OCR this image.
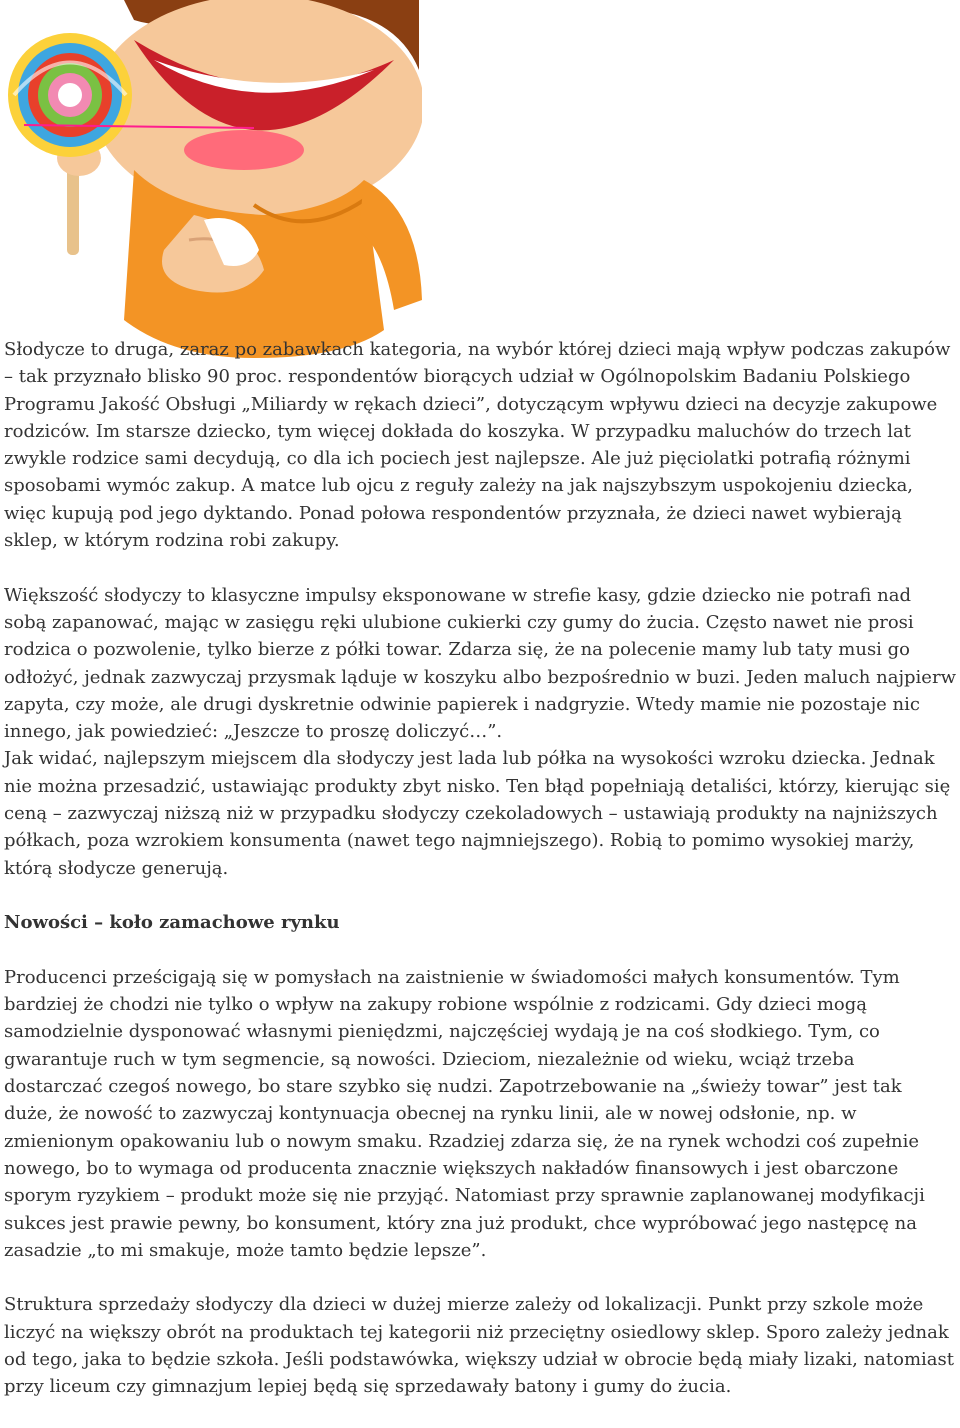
Słodycze to druga, zaraz po zabawkach kategoria, na wybór której dzieci mają wpływ podczas zakupów – tak przyznało blisko 90 proc. respondentów biorących udział w Ogólnopolskim Badaniu Polskiego Programu Jakość Obsługi „Miliardy w rękach dzieci”, dotyczącym wpływu dzieci na decyzje zakupowe rodziców. Im starsze dziecko, tym więcej dokłada do koszyka. W przypadku maluchów do trzech lat zwykle rodzice sami decydują, co dla ich pociech jest najlepsze. Ale już pięciolatki potrafią różnymi sposobami wymóc zakup. A matce lub ojcu z reguły zależy na jak najszybszym uspokojeniu dziecka, więc kupują pod jego dyktando. Ponad połowa respondentów przyznała, że dzieci nawet wybierają sklep, w którym rodzina robi zakupy.

Większość słodyczy to klasyczne impulsy eksponowane w strefie kasy, gdzie dziecko nie potrafi nad sobą zapanować, mając w zasięgu ręki ulubione cukierki czy gumy do żucia. Często nawet nie prosi rodzica o pozwolenie, tylko bierze z półki towar. Zdarza się, że na polecenie mamy lub taty musi go odłożyć, jednak zazwyczaj przysmak ląduje w koszyku albo bezpośrednio w buzi. Jeden maluch najpierw zapyta, czy może, ale drugi dyskretnie odwinie papierek i nadgryzie. Wtedy mamie nie pozostaje nic innego, jak powiedzieć: „Jeszcze to proszę doliczyć…”.

Jak widać, najlepszym miejscem dla słodyczy jest lada lub półka na wysokości wzroku dziecka. Jednak nie można przesadzić, ustawiając produkty zbyt nisko. Ten błąd popełniają detaliści, którzy, kierując się ceną – zazwyczaj niższą niż w przypadku słodyczy czekoladowych – ustawiają produkty na najniższych półkach, poza wzrokiem konsumenta (nawet tego najmniejszego). Robią to pomimo wysokiej marży, którą słodycze generują.

Nowości – koło zamachowe rynku

Producenci prześcigają się w pomysłach na zaistnienie w świadomości małych konsumentów. Tym bardziej że chodzi nie tylko o wpływ na zakupy robione wspólnie z rodzicami. Gdy dzieci mogą samodzielnie dysponować własnymi pieniędzmi, najczęściej wydają je na coś słodkiego. Tym, co gwarantuje ruch w tym segmencie, są nowości. Dzieciom, niezależnie od wieku, wciąż trzeba dostarczać czegoś nowego, bo stare szybko się nudzi. Zapotrzebowanie na „świeży towar” jest tak duże, że nowość to zazwyczaj kontynuacja obecnej na rynku linii, ale w nowej odsłonie, np. w zmienionym opakowaniu lub o nowym smaku. Rzadziej zdarza się, że na rynek wchodzi coś zupełnie nowego, bo to wymaga od producenta znacznie większych nakładów finansowych i jest obarczone sporym ryzykiem – produkt może się nie przyjąć. Natomiast przy sprawnie zaplanowanej modyfikacji sukces jest prawie pewny, bo konsument, który zna już produkt, chce wypróbować jego następcę na zasadzie „to mi smakuje, może tamto będzie lepsze”.

Struktura sprzedaży słodyczy dla dzieci w dużej mierze zależy od lokalizacji. Punkt przy szkole może liczyć na większy obrót na produktach tej kategorii niż przeciętny osiedlowy sklep. Sporo zależy jednak od tego, jaka to będzie szkoła. Jeśli podstawówka, większy udział w obrocie będą miały lizaki, natomiast przy liceum czy gimnazjum lepiej będą się sprzedawały batony i gumy do żucia.
